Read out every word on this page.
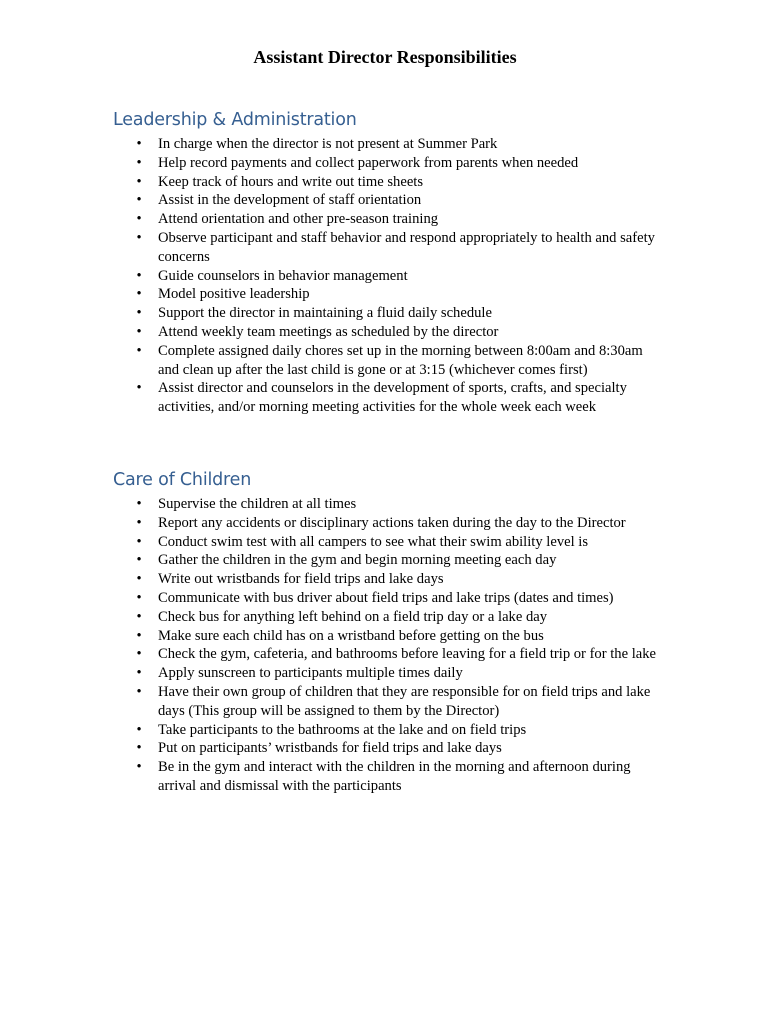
Assistant Director Responsibilities
Leadership & Administration
• In charge when the director is not present at Summer Park
• Help record payments and collect paperwork from parents when needed
• Keep track of hours and write out time sheets
• Assist in the development of staff orientation
• Attend orientation and other pre-season training
• Observe participant and staff behavior and respond appropriately to health and safety concerns
• Guide counselors in behavior management
• Model positive leadership
• Support the director in maintaining a fluid daily schedule
• Attend weekly team meetings as scheduled by the director
• Complete assigned daily chores set up in the morning between 8:00am and 8:30am and clean up after the last child is gone or at 3:15 (whichever comes first)
• Assist director and counselors in the development of sports, crafts, and specialty activities, and/or morning meeting activities for the whole week each week
Care of Children
• Supervise the children at all times
• Report any accidents or disciplinary actions taken during the day to the Director
• Conduct swim test with all campers to see what their swim ability level is
• Gather the children in the gym and begin morning meeting each day
• Write out wristbands for field trips and lake days
• Communicate with bus driver about field trips and lake trips (dates and times)
• Check bus for anything left behind on a field trip day or a lake day
• Make sure each child has on a wristband before getting on the bus
• Check the gym, cafeteria, and bathrooms before leaving for a field trip or for the lake
• Apply sunscreen to participants multiple times daily
• Have their own group of children that they are responsible for on field trips and lake days (This group will be assigned to them by the Director)
• Take participants to the bathrooms at the lake and on field trips
• Put on participants’ wristbands for field trips and lake days
• Be in the gym and interact with the children in the morning and afternoon during arrival and dismissal with the participants
